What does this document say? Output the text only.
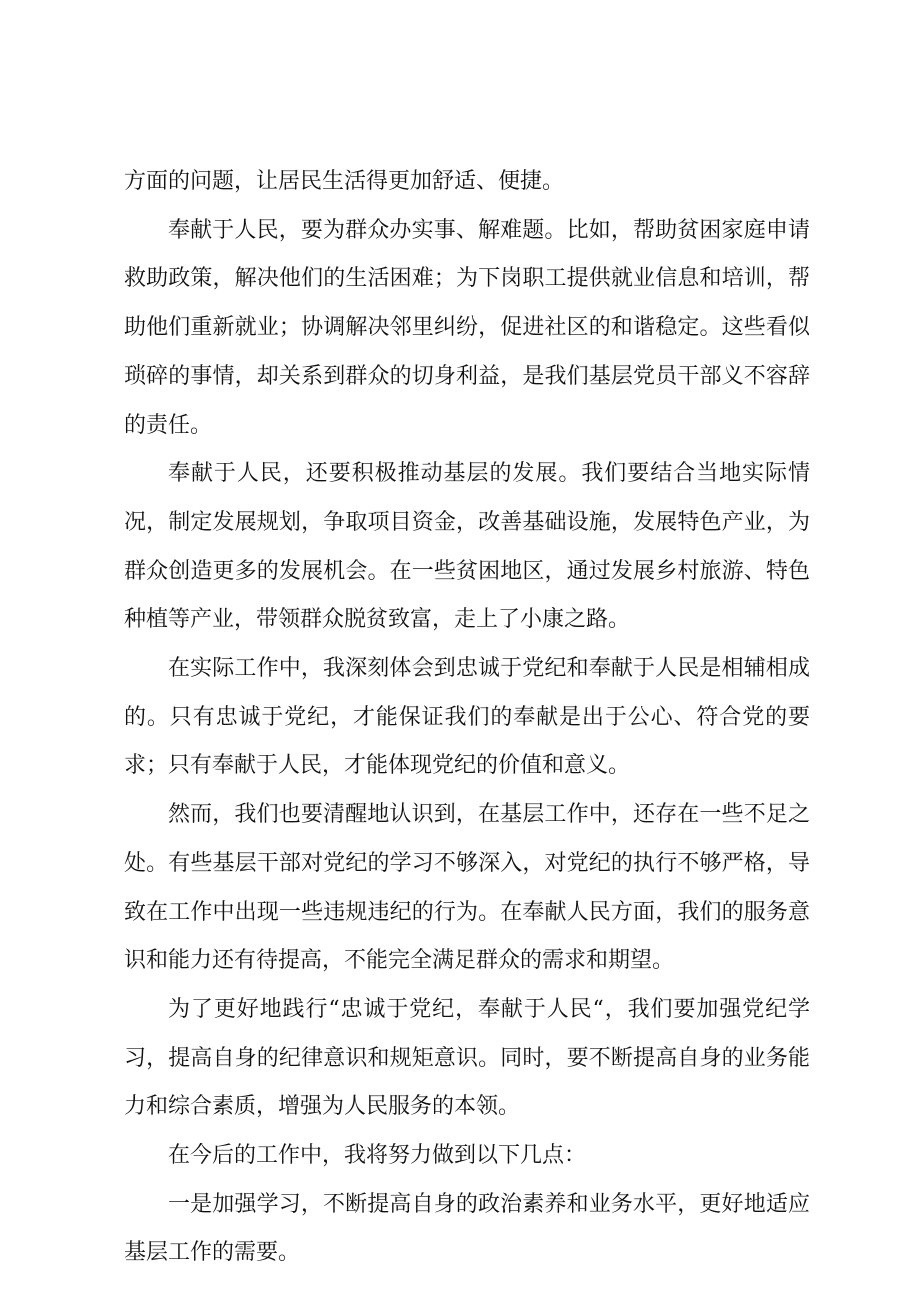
方面的问题，让居民生活得更加舒适、便捷。

奉献于人民，要为群众办实事、解难题。比如，帮助贫困家庭申请救助政策，解决他们的生活困难；为下岗职工提供就业信息和培训，帮助他们重新就业；协调解决邻里纠纷，促进社区的和谐稳定。这些看似琐碎的事情，却关系到群众的切身利益，是我们基层党员干部义不容辞的责任。

奉献于人民，还要积极推动基层的发展。我们要结合当地实际情况，制定发展规划，争取项目资金，改善基础设施，发展特色产业，为群众创造更多的发展机会。在一些贫困地区，通过发展乡村旅游、特色种植等产业，带领群众脱贫致富，走上了小康之路。

在实际工作中，我深刻体会到忠诚于党纪和奉献于人民是相辅相成的。只有忠诚于党纪，才能保证我们的奉献是出于公心、符合党的要求；只有奉献于人民，才能体现党纪的价值和意义。

然而，我们也要清醒地认识到，在基层工作中，还存在一些不足之处。有些基层干部对党纪的学习不够深入，对党纪的执行不够严格，导致在工作中出现一些违规违纪的行为。在奉献人民方面，我们的服务意识和能力还有待提高，不能完全满足群众的需求和期望。

为了更好地践行“忠诚于党纪，奉献于人民“，我们要加强党纪学习，提高自身的纪律意识和规矩意识。同时，要不断提高自身的业务能力和综合素质，增强为人民服务的本领。

在今后的工作中，我将努力做到以下几点：

一是加强学习，不断提高自身的政治素养和业务水平，更好地适应基层工作的需要。
